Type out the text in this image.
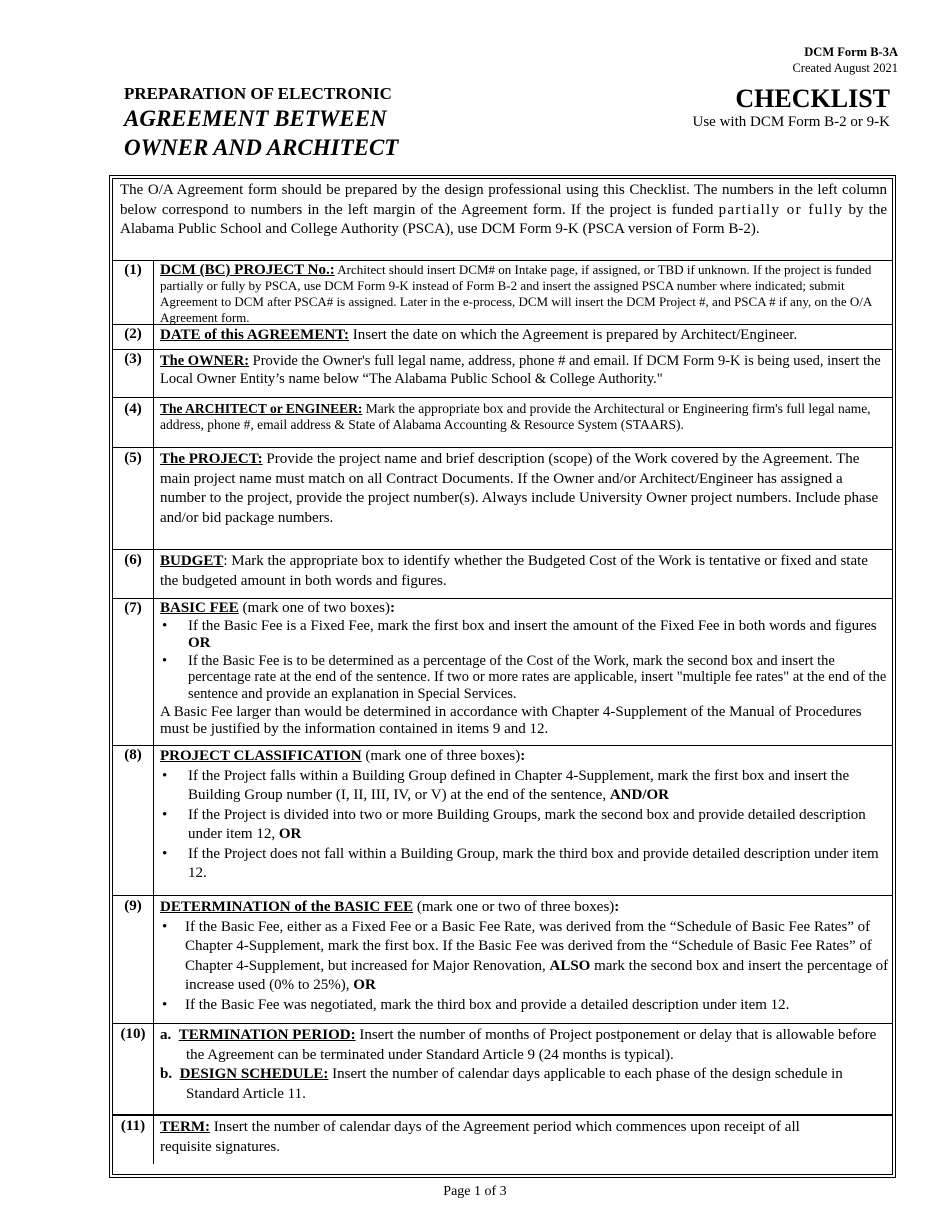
DCM Form B-3A
Created August 2021
PREPARATION OF ELECTRONIC
AGREEMENT BETWEEN
OWNER AND ARCHITECT
CHECKLIST
Use with DCM Form B-2 or 9-K
The O/A Agreement form should be prepared by the design professional using this Checklist. The numbers in the left column below correspond to numbers in the left margin of the Agreement form. If the project is funded partially or fully by the Alabama Public School and College Authority (PSCA), use DCM Form 9-K (PSCA version of Form B-2).
(1)	DCM (BC) PROJECT No.: Architect should insert DCM# on Intake page, if assigned, or TBD if unknown. If the project is funded partially or fully by PSCA, use DCM Form 9-K instead of Form B-2 and insert the assigned PSCA number where indicated; submit Agreement to DCM after PSCA# is assigned. Later in the e-process, DCM will insert the DCM Project #, and PSCA # if any, on the O/A Agreement form.
(2)	DATE of this AGREEMENT: Insert the date on which the Agreement is prepared by Architect/Engineer.
(3)	The OWNER: Provide the Owner's full legal name, address, phone # and email. If DCM Form 9-K is being used, insert the Local Owner Entity’s name below “The Alabama Public School & College Authority."
(4)	The ARCHITECT or ENGINEER: Mark the appropriate box and provide the Architectural or Engineering firm's full legal name, address, phone #, email address & State of Alabama Accounting & Resource System (STAARS).
(5)	The PROJECT: Provide the project name and brief description (scope) of the Work covered by the Agreement. The main project name must match on all Contract Documents. If the Owner and/or Architect/Engineer has assigned a number to the project, provide the project number(s). Always include University Owner project numbers. Include phase and/or bid package numbers.
(6)	BUDGET: Mark the appropriate box to identify whether the Budgeted Cost of the Work is tentative or fixed and state the budgeted amount in both words and figures.
(7)	BASIC FEE (mark one of two boxes):
• If the Basic Fee is a Fixed Fee, mark the first box and insert the amount of the Fixed Fee in both words and figures OR
• If the Basic Fee is to be determined as a percentage of the Cost of the Work, mark the second box and insert the percentage rate at the end of the sentence. If two or more rates are applicable, insert "multiple fee rates" at the end of the sentence and provide an explanation in Special Services.
A Basic Fee larger than would be determined in accordance with Chapter 4-Supplement of the Manual of Procedures must be justified by the information contained in items 9 and 12.
(8)	PROJECT CLASSIFICATION (mark one of three boxes):
• If the Project falls within a Building Group defined in Chapter 4-Supplement, mark the first box and insert the Building Group number (I, II, III, IV, or V) at the end of the sentence, AND/OR
• If the Project is divided into two or more Building Groups, mark the second box and provide detailed description under item 12, OR
• If the Project does not fall within a Building Group, mark the third box and provide detailed description under item 12.
(9)	DETERMINATION of the BASIC FEE (mark one or two of three boxes):
• If the Basic Fee, either as a Fixed Fee or a Basic Fee Rate, was derived from the “Schedule of Basic Fee Rates” of Chapter 4-Supplement, mark the first box. If the Basic Fee was derived from the “Schedule of Basic Fee Rates” of Chapter 4-Supplement, but increased for Major Renovation, ALSO mark the second box and insert the percentage of increase used (0% to 25%), OR
• If the Basic Fee was negotiated, mark the third box and provide a detailed description under item 12.
(10) a. TERMINATION PERIOD: Insert the number of months of Project postponement or delay that is allowable before the Agreement can be terminated under Standard Article 9 (24 months is typical).
b. DESIGN SCHEDULE: Insert the number of calendar days applicable to each phase of the design schedule in Standard Article 11.
(11) TERM: Insert the number of calendar days of the Agreement period which commences upon receipt of all requisite signatures.
Page 1 of 3
